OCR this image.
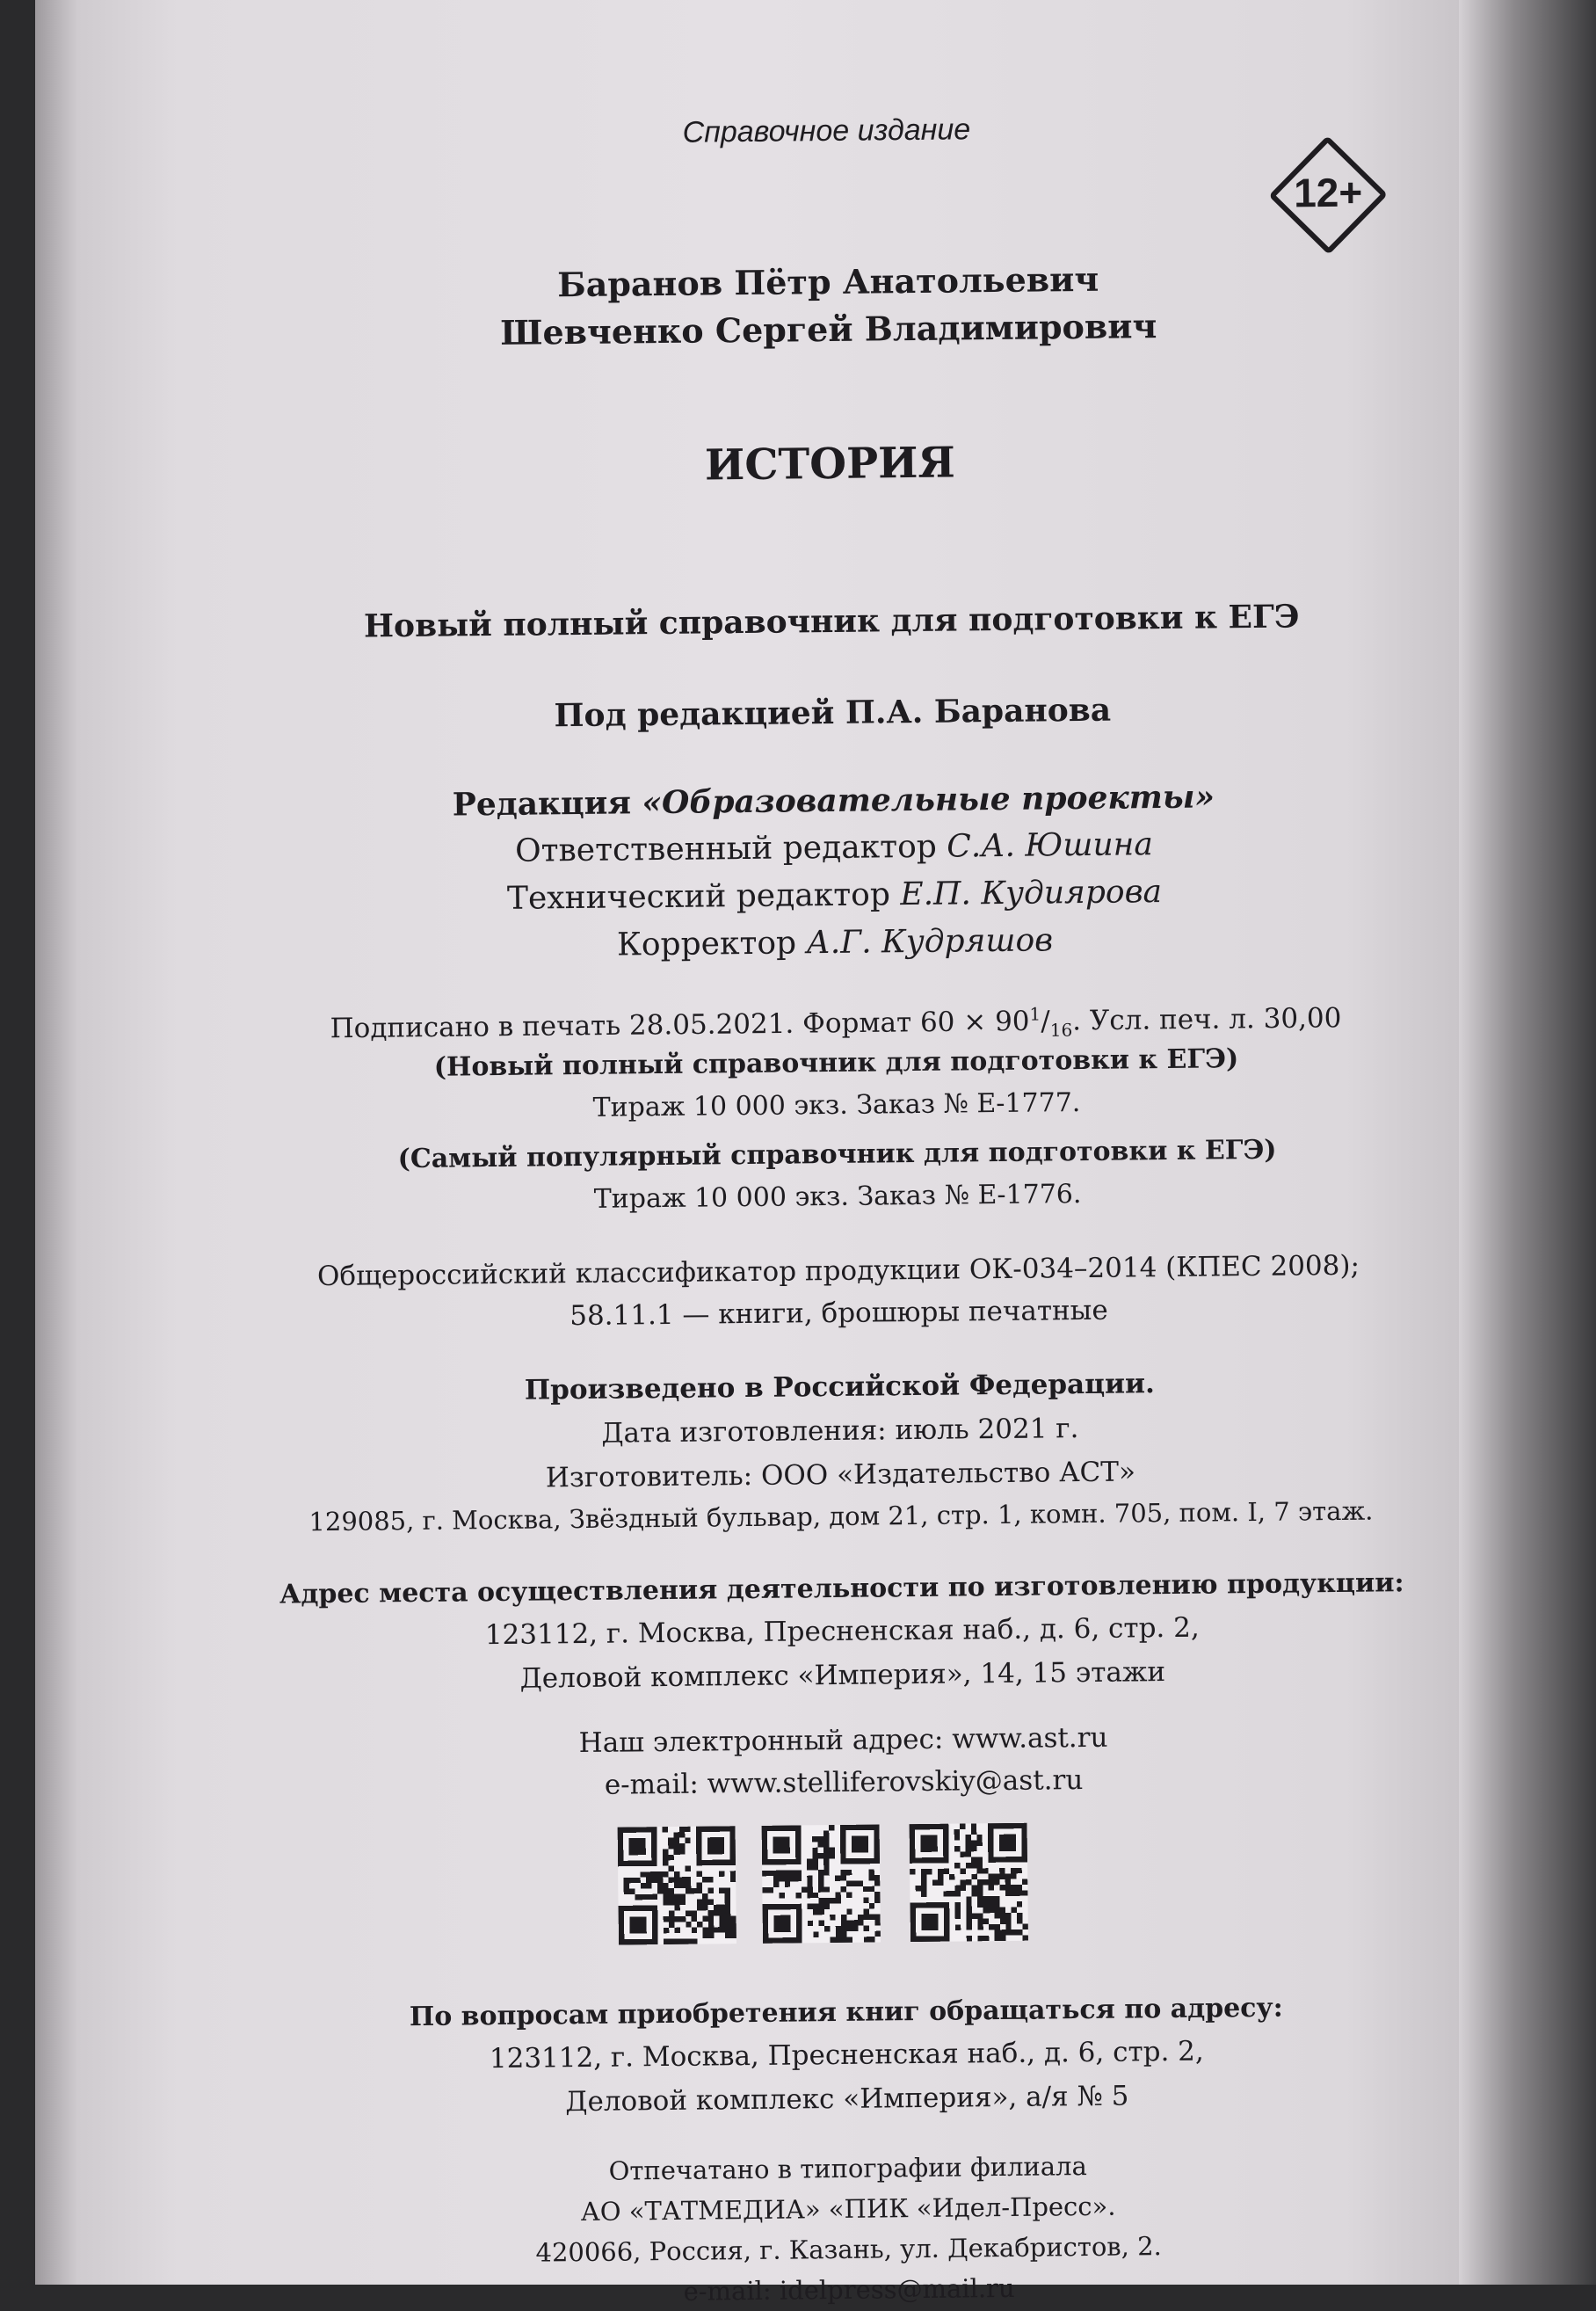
Справочное издание
12+
Баранов Пётр Анатольевич
Шевченко Сергей Владимирович
ИСТОРИЯ
Новый полный справочник для подготовки к ЕГЭ
Под редакцией П.А. Баранова
Редакция «Образовательные проекты»
Ответственный редактор С.А. Юшина
Технический редактор Е.П. Кудиярова
Корректор А.Г. Кудряшов
Подписано в печать 28.05.2021. Формат $60 \times 90^1/_{16}$. Усл. печ. л. 30,00
(Новый полный справочник для подготовки к ЕГЭ)
Тираж 10 000 экз. Заказ № Е-1777.
(Самый популярный справочник для подготовки к ЕГЭ)
Тираж 10 000 экз. Заказ № Е-1776.
Общероссийский классификатор продукции ОК-034–2014 (КПЕС 2008);
58.11.1 — книги, брошюры печатные
Произведено в Российской Федерации.
Дата изготовления: июль 2021 г.
Изготовитель: ООО «Издательство АСТ»
129085, г. Москва, Звёздный бульвар, дом 21, стр. 1, комн. 705, пом. I, 7 этаж.
Адрес места осуществления деятельности по изготовлению продукции:
123112, г. Москва, Пресненская наб., д. 6, стр. 2,
Деловой комплекс «Империя», 14, 15 этажи
Наш электронный адрес: www.ast.ru
e-mail: www.stelliferovskiy@ast.ru
По вопросам приобретения книг обращаться по адресу:
123112, г. Москва, Пресненская наб., д. 6, стр. 2,
Деловой комплекс «Империя», а/я № 5
Отпечатано в типографии филиала
АО «ТАТМЕДИА» «ПИК «Идел-Пресс».
420066, Россия, г. Казань, ул. Декабристов, 2.
e-mail: idelpress@mail.ru
